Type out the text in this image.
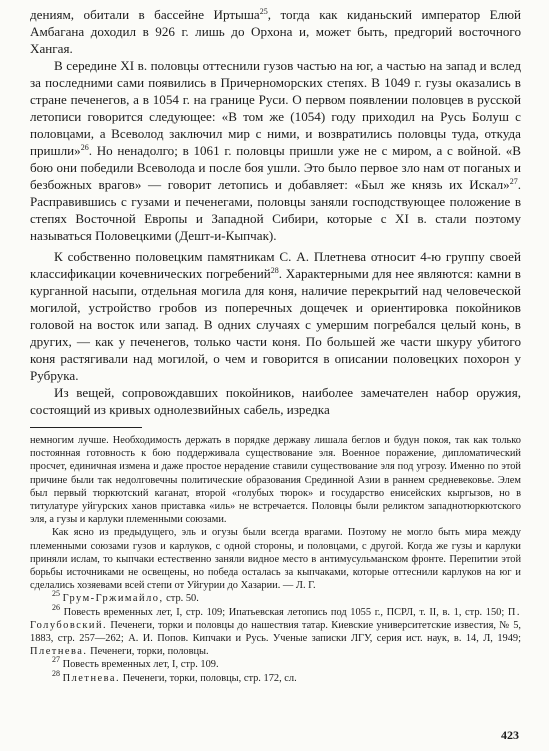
дениям, обитали в бассейне Иртыша$^{25}$, тогда как киданьский император Елюй Амбагана доходил в 926 г. лишь до Орхона и, может быть, предгорий восточного Хангая.

В середине XI в. половцы оттеснили гузов частью на юг, а частью на запад и вслед за последними сами появились в Причерноморских степях. В 1049 г. гузы оказались в стране печенегов, а в 1054 г. на границе Руси. О первом появлении половцев в русской летописи говорится следующее: «В том же (1054) году приходил на Русь Болуш с половцами, а Всеволод заключил мир с ними, и возвратились половцы туда, откуда пришли»$^{26}$. Но ненадолго; в 1061 г. половцы пришли уже не с миром, а с войной. «В бою они победили Всеволода и после боя ушли. Это было первое зло нам от поганых и безбожных врагов» — говорит летопись и добавляет: «Был же князь их Искал»$^{27}$. Расправившись с гузами и печенегами, половцы заняли господствующее положение в степях Восточной Европы и Западной Сибири, которые с XI в. стали поэтому называться Половецкими (Дешт-и-Кыпчак).

К собственно половецким памятникам С. А. Плетнева относит 4-ю группу своей классификации кочевнических погребений$^{28}$. Характерными для нее являются: камни в курганной насыпи, отдельная могила для коня, наличие перекрытий над человеческой могилой, устройство гробов из поперечных дощечек и ориентировка покойников головой на восток или запад. В одних случаях с умершим погребался целый конь, в других, — как у печенегов, только части коня. По большей же части шкуру убитого коня растягивали над могилой, о чем и говорится в описании половецких похорон у Рубрука.

Из вещей, сопровождавших покойников, наиболее замечателен набор оружия, состоящий из кривых однолезвийных сабель, изредка

немногим лучше. Необходимость держать в порядке державу лишала беглов и будун покоя, так как только постоянная готовность к бою поддерживала существование эля. Военное поражение, дипломатический просчет, единичная измена и даже простое нерадение ставили существование эля под угрозу. Именно по этой причине были так недолговечны политические образования Срединной Азии в раннем средневековье. Элем был первый тюркютский каганат, второй «голубых тюрок» и государство енисейских кыргызов, но в титулатуре уйгурских ханов приставка «иль» не встречается. Половцы были реликтом западнотюркютского эля, а гузы и карлуки племенными союзами.

Как ясно из предыдущего, эль и огузы были всегда врагами. Поэтому не могло быть мира между племенными союзами гузов и карлуков, с одной стороны, и половцами, с другой. Когда же гузы и карлуки приняли ислам, то кыпчаки естественно заняли видное место в антимусульманском фронте. Перепитии этой борьбы источниками не освещены, но победа осталась за кыпчаками, которые оттеснили карлуков на юг и сделались хозяевами всей степи от Уйгурии до Хазарии. — Л. Г.

$^{25}$ Грум-Гржимайло, стр. 50.

$^{26}$ Повесть временных лет, I, стр. 109; Ипатьевская летопись под 1055 г., ПСРЛ, т. II, в. 1, стр. 150; П. Голубовский. Печенеги, торки и половцы до нашествия татар. Киевские университетские известия, № 5, 1883, стр. 257—262; А. И. Попов. Кипчаки и Русь. Ученые записки ЛГУ, серия ист. наук, в. 14, Л, 1949; Плетнева. Печенеги, торки, половцы.

$^{27}$ Повесть временных лет, I, стр. 109.

$^{28}$ Плетнева. Печенеги, торки, половцы, стр. 172, сл.

423
